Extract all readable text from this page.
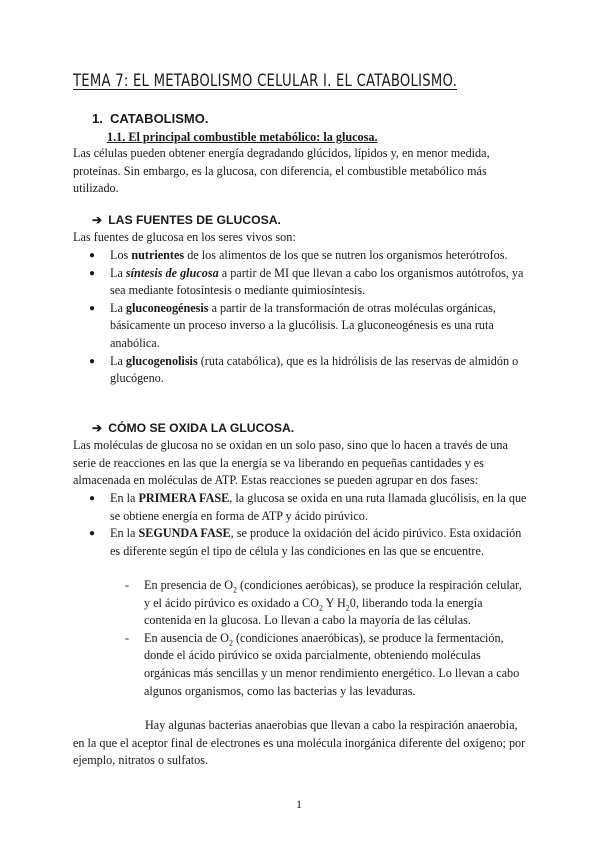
TEMA 7: EL METABOLISMO CELULAR I. EL CATABOLISMO.
1. CATABOLISMO.
1.1. El principal combustible metabólico: la glucosa.
Las células pueden obtener energía degradando glúcidos, lípidos y, en menor medida, proteínas. Sin embargo, es la glucosa, con diferencia, el combustible metabólico más utilizado.
➔ LAS FUENTES DE GLUCOSA.
Las fuentes de glucosa en los seres vivos son:
● Los nutrientes de los alimentos de los que se nutren los organismos heterótrofos.
● La síntesis de glucosa a partir de MI que llevan a cabo los organismos autótrofos, ya sea mediante fotosíntesis o mediante quimiosíntesis.
● La gluconeogénesis a partir de la transformación de otras moléculas orgánicas, básicamente un proceso inverso a la glucólisis. La gluconeogénesis es una ruta anabólica.
● La glucogenolisis (ruta catabólica), que es la hidrólisis de las reservas de almidón o glucógeno.
➔ CÓMO SE OXIDA LA GLUCOSA.
Las moléculas de glucosa no se oxidan en un solo paso, sino que lo hacen a través de una serie de reacciones en las que la energía se va liberando en pequeñas cantidades y es almacenada en moléculas de ATP. Estas reacciones se pueden agrupar en dos fases:
● En la PRIMERA FASE, la glucosa se oxida en una ruta llamada glucólisis, en la que se obtiene energía en forma de ATP y ácido pirúvico.
● En la SEGUNDA FASE, se produce la oxidación del ácido pirúvico. Esta oxidación es diferente según el tipo de célula y las condiciones en las que se encuentre.
- En presencia de $O_2$ (condiciones aeróbicas), se produce la respiración celular, y el ácido pirúvico es oxidado a $CO_2$ Y $H_20$, liberando toda la energía contenida en la glucosa. Lo llevan a cabo la mayoría de las células.
- En ausencia de $O_2$ (condiciones anaeróbicas), se produce la fermentación, donde el ácido pirúvico se oxida parcialmente, obteniendo moléculas orgánicas más sencillas y un menor rendimiento energético. Lo llevan a cabo algunos organismos, como las bacterias y las levaduras.
Hay algunas bacterias anaerobias que llevan a cabo la respiración anaerobia, en la que el aceptor final de electrones es una molécula inorgánica diferente del oxígeno; por ejemplo, nitratos o sulfatos.
1
